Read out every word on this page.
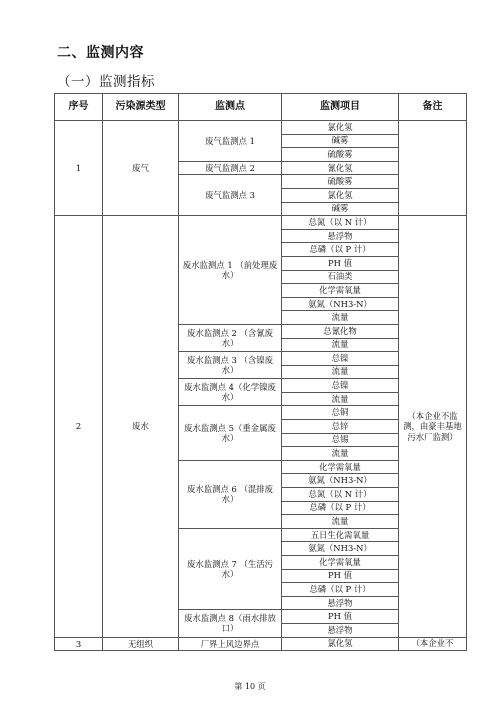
二、监测内容
（一）监测指标
序号	污染源类型	监测点	监测项目	备注
1	废气	废气监测点 1	氯化氢	
			碱雾	
			硫酸雾	
		废气监测点 2	氰化氢	
		废气监测点 3	硫酸雾	
			氯化氢	
			碱雾	
2	废水	废水监测点 1 （前处理废水）	总氮（以 N 计）	（本企业不监测，由豪丰基地污水厂监测）
			悬浮物	
			总磷（以 P 计）	
			PH 值	
			石油类	
			化学需氧量	
			氨氮（NH3-N）	
			流量	
		废水监测点 2 （含氰废水）	总氰化物	
			流量	
		废水监测点 3 （含镍废水）	总镍	
			流量	
		废水监测点 4（化学镍废水）	总镍	
			流量	
		废水监测点 5（重金属废水）	总铜	
			总锌	
			总锡	
			流量	
		废水监测点 6 （混排废水）	化学需氧量	
			氨氮（NH3-N）	
			总氮（以 N 计）	
			总磷（以 P 计）	
			流量	
		废水监测点 7 （生活污水）	五日生化需氧量	
			氨氮（NH3-N）	
			化学需氧量	
			PH 值	
			总磷（以 P 计）	
			悬浮物	
		废水监测点 8（雨水排放口）	PH 值	
			悬浮物	
3	无组织	厂界上风边界点	氯化氢	（本企业不
第 10 页
